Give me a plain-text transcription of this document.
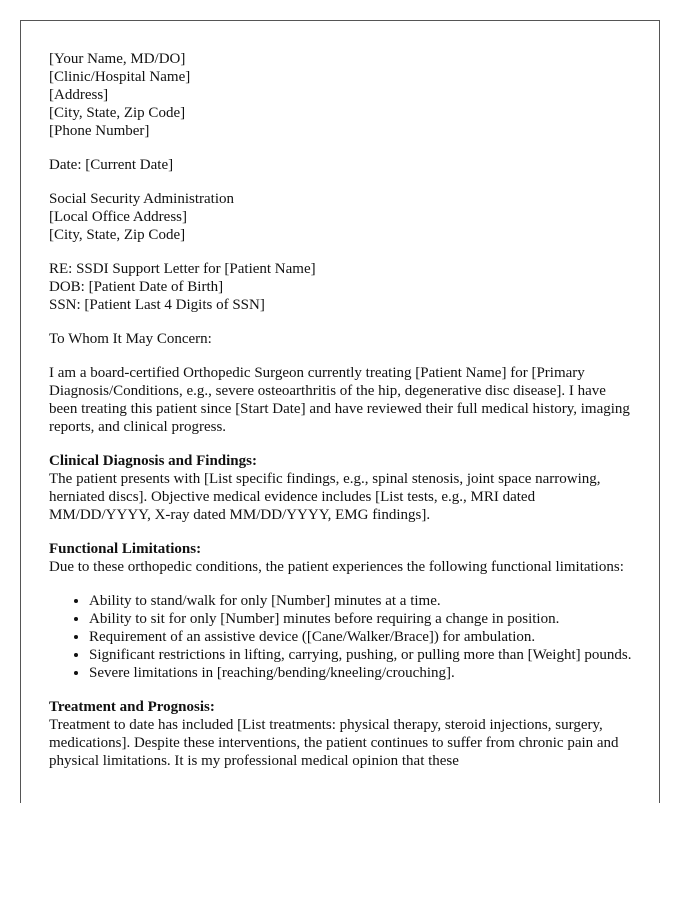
[Your Name, MD/DO]
[Clinic/Hospital Name]
[Address]
[City, State, Zip Code]
[Phone Number]
Date: [Current Date]
Social Security Administration
[Local Office Address]
[City, State, Zip Code]
RE: SSDI Support Letter for [Patient Name]
DOB: [Patient Date of Birth]
SSN: [Patient Last 4 Digits of SSN]

To Whom It May Concern:

I am a board-certified Orthopedic Surgeon currently treating [Patient Name] for [Primary Diagnosis/Conditions, e.g., severe osteoarthritis of the hip, degenerative disc disease]. I have been treating this patient since [Start Date] and have reviewed their full medical history, imaging reports, and clinical progress.

Clinical Diagnosis and Findings:
The patient presents with [List specific findings, e.g., spinal stenosis, joint space narrowing, herniated discs]. Objective medical evidence includes [List tests, e.g., MRI dated MM/DD/YYYY, X-ray dated MM/DD/YYYY, EMG findings].
Functional Limitations:
Due to these orthopedic conditions, the patient experiences the following functional limitations:
• Ability to stand/walk for only [Number] minutes at a time.
• Ability to sit for only [Number] minutes before requiring a change in position.
• Requirement of an assistive device ([Cane/Walker/Brace]) for ambulation.
• Significant restrictions in lifting, carrying, pushing, or pulling more than [Weight] pounds.
• Severe limitations in [reaching/bending/kneeling/crouching].
Treatment and Prognosis:
Treatment to date has included [List treatments: physical therapy, steroid injections, surgery, medications]. Despite these interventions, the patient continues to suffer from chronic pain and physical limitations. It is my professional medical opinion that these
